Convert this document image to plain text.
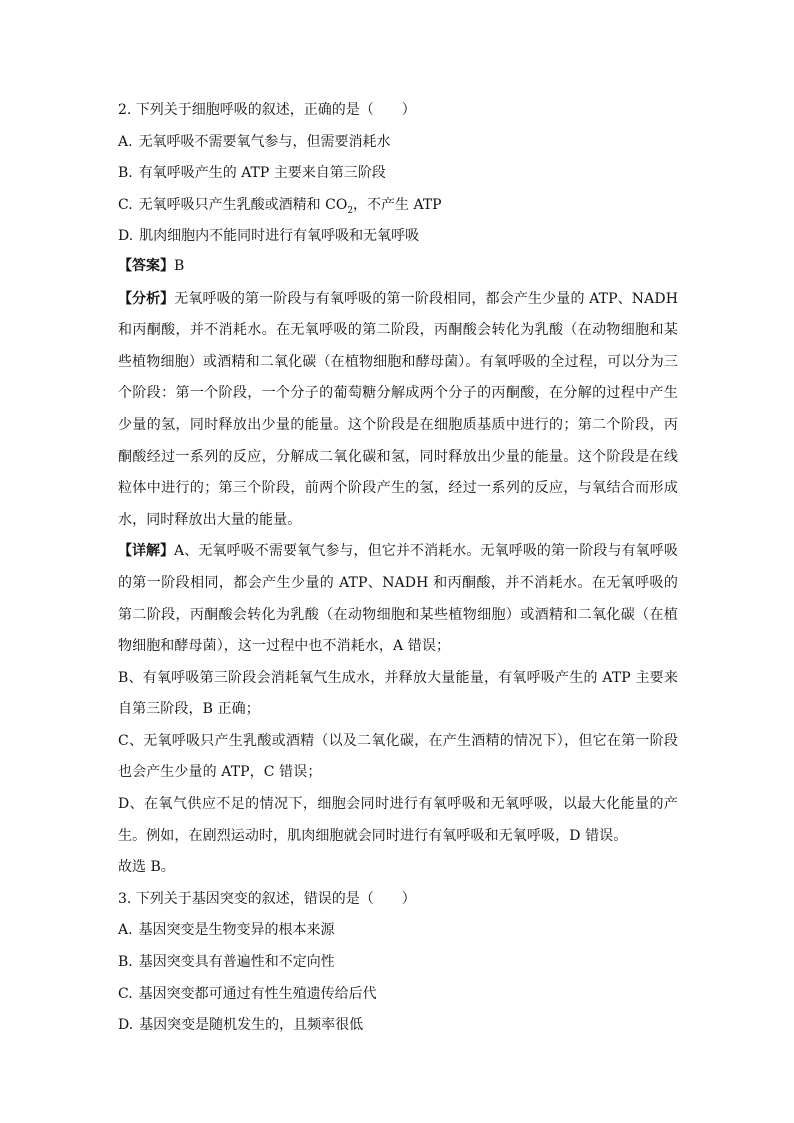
2. 下列关于细胞呼吸的叙述，正确的是（　　）
A. 无氧呼吸不需要氧气参与，但需要消耗水
B. 有氧呼吸产生的 ATP 主要来自第三阶段
C. 无氧呼吸只产生乳酸或酒精和 $CO_2$，不产生 ATP
D. 肌肉细胞内不能同时进行有氧呼吸和无氧呼吸
【答案】B

【分析】无氧呼吸的第一阶段与有氧呼吸的第一阶段相同，都会产生少量的 ATP、NADH 和丙酮酸，并不消耗水。在无氧呼吸的第二阶段，丙酮酸会转化为乳酸（在动物细胞和某些植物细胞）或酒精和二氧化碳（在植物细胞和酵母菌）。有氧呼吸的全过程，可以分为三个阶段：第一个阶段，一个分子的葡萄糖分解成两个分子的丙酮酸，在分解的过程中产生少量的氢，同时释放出少量的能量。这个阶段是在细胞质基质中进行的；第二个阶段，丙酮酸经过一系列的反应，分解成二氧化碳和氢，同时释放出少量的能量。这个阶段是在线粒体中进行的；第三个阶段，前两个阶段产生的氢，经过一系列的反应，与氧结合而形成水，同时释放出大量的能量。

【详解】A、无氧呼吸不需要氧气参与，但它并不消耗水。无氧呼吸的第一阶段与有氧呼吸的第一阶段相同，都会产生少量的 ATP、NADH 和丙酮酸，并不消耗水。在无氧呼吸的第二阶段，丙酮酸会转化为乳酸（在动物细胞和某些植物细胞）或酒精和二氧化碳（在植物细胞和酵母菌），这一过程中也不消耗水，A 错误；

B、有氧呼吸第三阶段会消耗氧气生成水，并释放大量能量，有氧呼吸产生的 ATP 主要来自第三阶段，B 正确；

C、无氧呼吸只产生乳酸或酒精（以及二氧化碳，在产生酒精的情况下），但它在第一阶段也会产生少量的 ATP，C 错误；

D、在氧气供应不足的情况下，细胞会同时进行有氧呼吸和无氧呼吸，以最大化能量的产生。例如，在剧烈运动时，肌肉细胞就会同时进行有氧呼吸和无氧呼吸，D 错误。

故选 B。

3. 下列关于基因突变的叙述，错误的是（　　）

A. 基因突变是生物变异的根本来源

B. 基因突变具有普遍性和不定向性

C. 基因突变都可通过有性生殖遗传给后代

D. 基因突变是随机发生的，且频率很低
